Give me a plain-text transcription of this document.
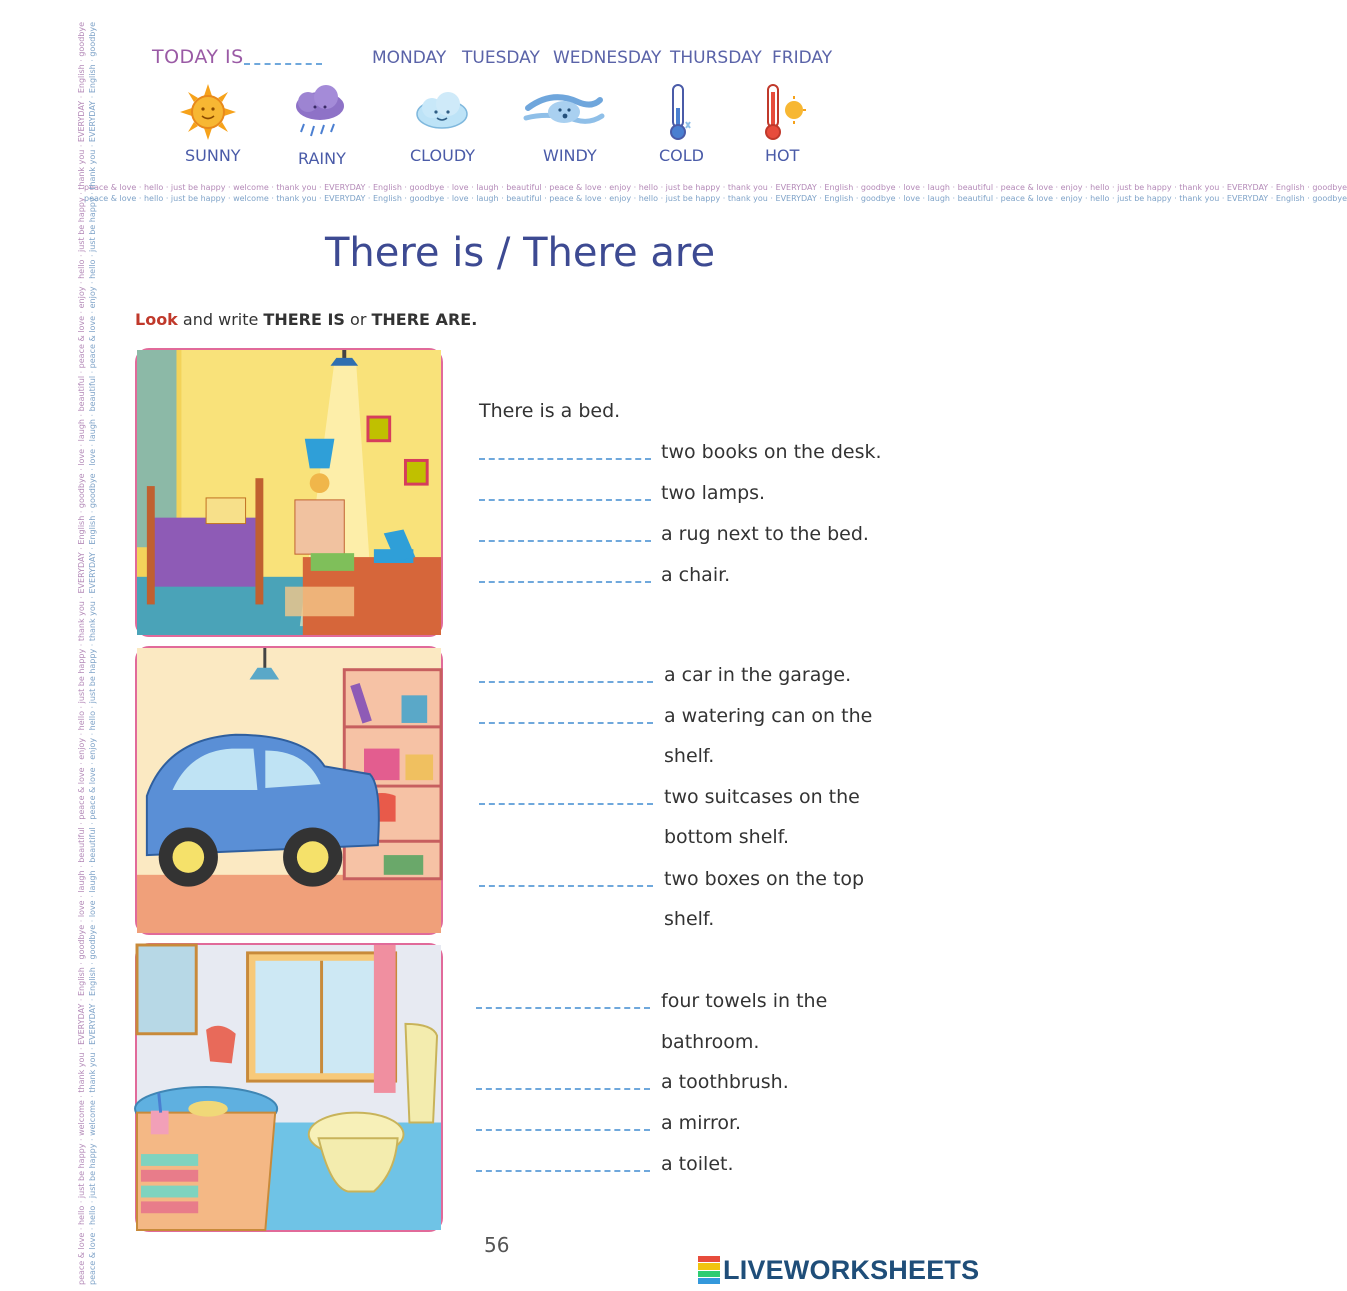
TODAY IS	MONDAY TUESDAY WEDNESDAY THURSDAY FRIDAY
SUNNY	RAINY	CLOUDY	WINDY	COLD	HOT
peace & love · hello · just be happy · welcome · thank you · EVERYDAY · English · goodbye · love · laugh · beautiful · peace & love · enjoy · hello · just be happy · thank you · EVERYDAY · English · goodbye · love · laugh · beautiful · peace & love · enjoy · hello · just be happy · thank you · EVERYDAY · English · goodbye
peace & love · hello · just be happy · welcome · thank you · EVERYDAY · English · goodbye · love · laugh · beautiful · peace & love · enjoy · hello · just be happy · thank you · EVERYDAY · English · goodbye · love · laugh · beautiful · peace & love · enjoy · hello · just be happy · thank you · EVERYDAY · English · goodbye
peace & love · hello · just be happy · welcome · thank you · EVERYDAY · English · goodbye · love · laugh · beautiful · peace & love · enjoy · hello · just be happy · thank you · EVERYDAY · English · goodbye · love · laugh · beautiful · peace & love · enjoy · hello · just be happy · thank you · EVERYDAY · English · goodbye peace & love · hello · just be happy · welcome · thank you · EVERYDAY · English · goodbye · love · laugh · beautiful · peace & love · enjoy · hello · just be happy · thank you · EVERYDAY · English · goodbye · love · laugh · beautiful · peace & love · enjoy · hello · just be happy · thank you · EVERYDAY · English · goodbye	There is / There are
Look and write THERE IS or THERE ARE.
There is a bed.
two books on the desk.
two lamps.
a rug next to the bed.
a chair.
a car in the garage.
a watering can on the
shelf.
two suitcases on the
bottom shelf.
two boxes on the top
shelf.
four towels in the
bathroom.
a toothbrush.
a mirror.
a toilet.
56
LIVEWORKSHEETS
